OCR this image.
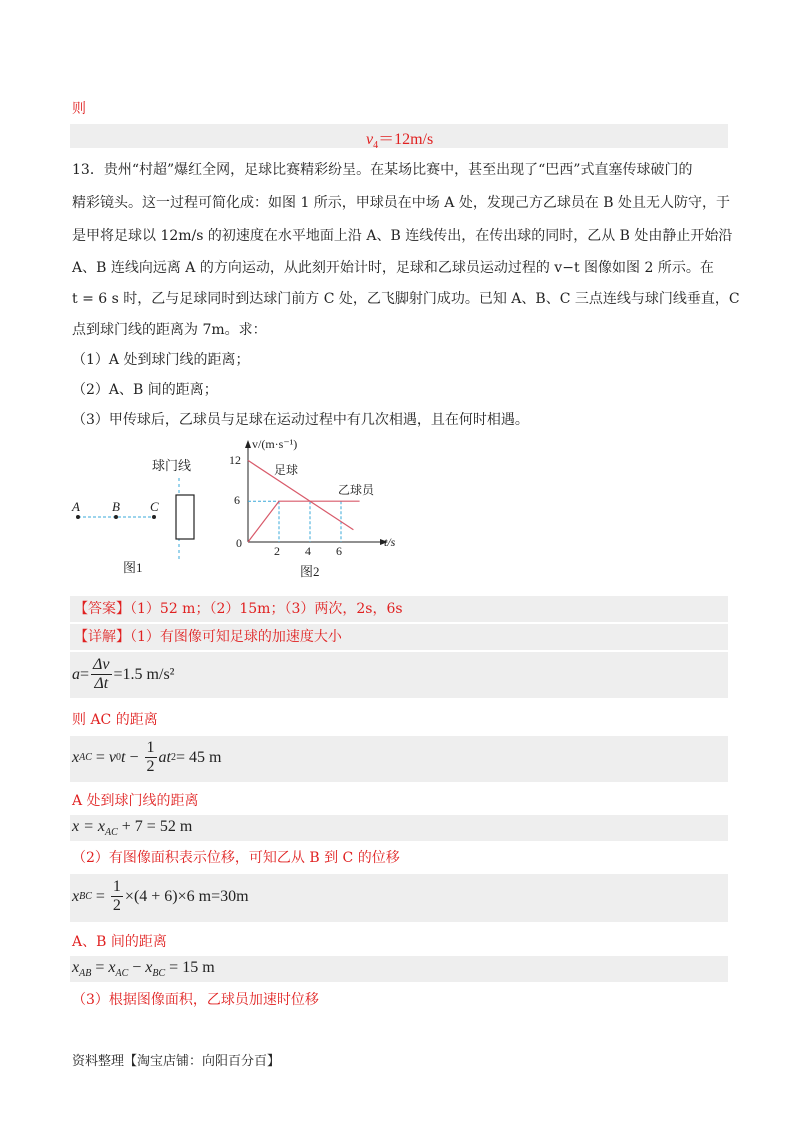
则
$v_4=12m/s$
13．贵州“村超”爆红全网，足球比赛精彩纷呈。在某场比赛中，甚至出现了“巴西”式直塞传球破门的
精彩镜头。这一过程可简化成：如图 1 所示，甲球员在中场 A 处，发现己方乙球员在 B 处且无人防守，于
是甲将足球以 12m/s 的初速度在水平地面上沿 A、B 连线传出，在传出球的同时，乙从 B 处由静止开始沿
A、B 连线向远离 A 的方向运动，从此刻开始计时，足球和乙球员运动过程的 v−t 图像如图 2 所示。在
t = 6 s 时，乙与足球同时到达球门前方 C 处，乙飞脚射门成功。已知 A、B、C 三点连线与球门线垂直，C
点到球门线的距离为 7m。求：
（1）A 处到球门线的距离；
（2）A、B 间的距离；
（3）甲传球后，乙球员与足球在运动过程中有几次相遇，且在何时相遇。
球门线
A B C
图1
v/(m·s⁻¹)
t/s
12
6
0
2 4 6
足球
乙球员
图2
【答案】（1）52 m；（2）15m；（3）两次，2s，6s
【详解】（1）有图像可知足球的加速度大小
$a = \frac{\Delta v}{\Delta t} =1.5$ m/s²
则 AC 的距离
x AC = v 0 $t - \frac{1}{2}$ at 2 = 45 m
A 处到球门线的距离
$x = x_{AC} + 7 = 52$ m
（2）有图像面积表示位移，可知乙从 B 到 C 的位移
x BC = $\frac{1}{2} \times(4 + 6)\times 6$ m=30m
A、B 间的距离
$x_{AB} = x_{AC} - x_{BC} = 15$ m
（3）根据图像面积，乙球员加速时位移
资料整理【淘宝店铺：向阳百分百】
